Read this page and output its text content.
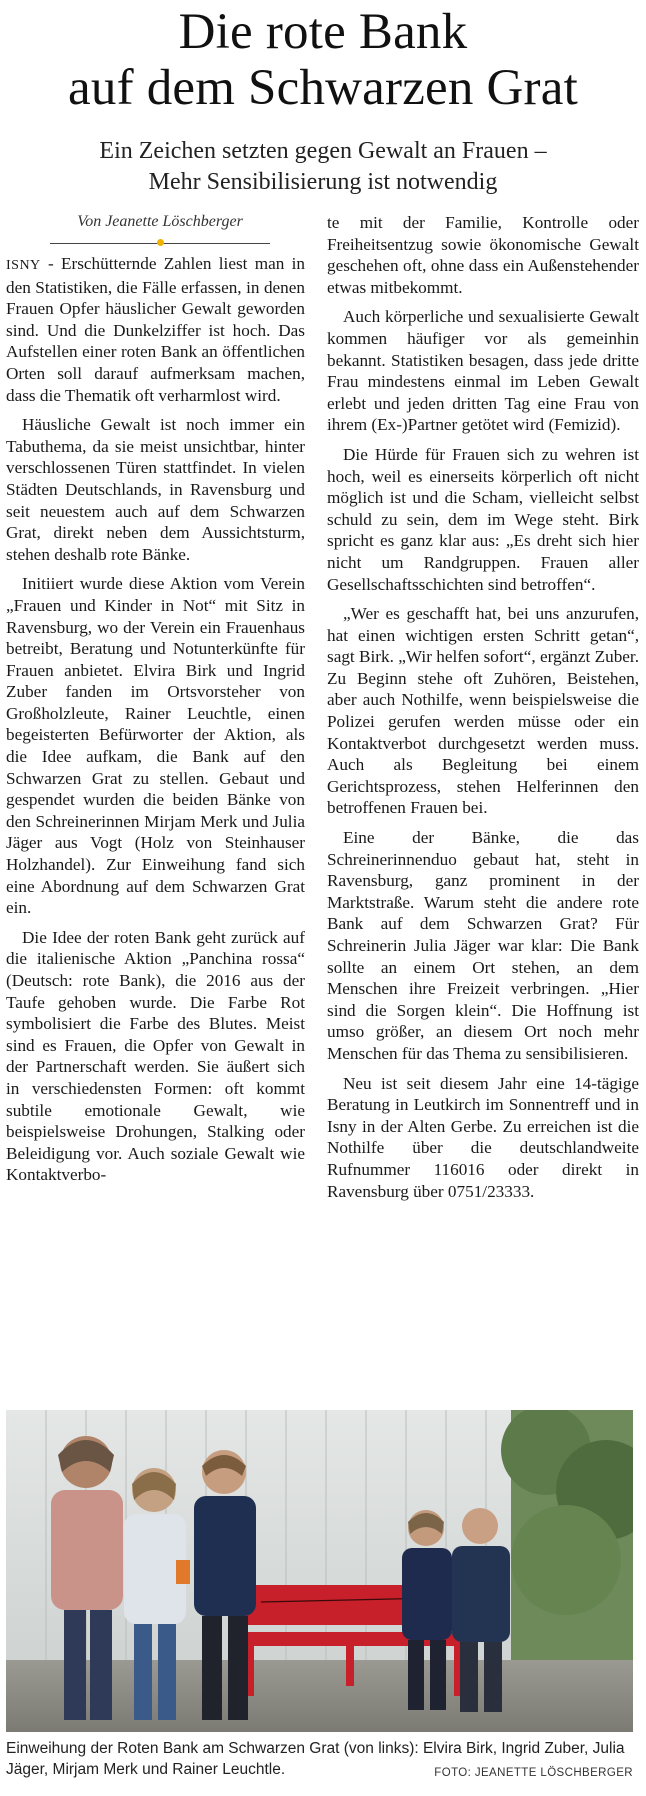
Die rote Bank
auf dem Schwarzen Grat
Ein Zeichen setzten gegen Gewalt an Frauen –
Mehr Sensibilisierung ist notwendig
Von Jeanette Löschberger

ISNY - Erschütternde Zahlen liest man in den Statistiken, die Fälle erfassen, in denen Frauen Opfer häuslicher Gewalt geworden sind. Und die Dunkelziffer ist hoch. Das Aufstellen einer roten Bank an öffentlichen Orten soll darauf aufmerksam machen, dass die Thematik oft verharmlost wird.

Häusliche Gewalt ist noch immer ein Tabuthema, da sie meist unsichtbar, hinter verschlossenen Türen stattfindet. In vielen Städten Deutschlands, in Ravensburg und seit neuestem auch auf dem Schwarzen Grat, direkt neben dem Aussichtsturm, stehen deshalb rote Bänke.

Initiiert wurde diese Aktion vom Verein „Frauen und Kinder in Not“ mit Sitz in Ravensburg, wo der Verein ein Frauenhaus betreibt, Beratung und Notunterkünfte für Frauen anbietet. Elvira Birk und Ingrid Zuber fanden im Ortsvorsteher von Großholzleute, Rainer Leuchtle, einen begeisterten Befürworter der Aktion, als die Idee aufkam, die Bank auf den Schwarzen Grat zu stellen. Gebaut und gespendet wurden die beiden Bänke von den Schreinerinnen Mirjam Merk und Julia Jäger aus Vogt (Holz von Steinhauser Holzhandel). Zur Einweihung fand sich eine Abordnung auf dem Schwarzen Grat ein.

Die Idee der roten Bank geht zurück auf die italienische Aktion „Panchina rossa“ (Deutsch: rote Bank), die 2016 aus der Taufe gehoben wurde. Die Farbe Rot symbolisiert die Farbe des Blutes. Meist sind es Frauen, die Opfer von Gewalt in der Partnerschaft werden. Sie äußert sich in verschiedensten Formen: oft kommt subtile emotionale Gewalt, wie beispielsweise Drohungen, Stalking oder Beleidigung vor. Auch soziale Gewalt wie Kontaktverbo-

te mit der Familie, Kontrolle oder Freiheitsentzug sowie ökonomische Gewalt geschehen oft, ohne dass ein Außenstehender etwas mitbekommt.

Auch körperliche und sexualisierte Gewalt kommen häufiger vor als gemeinhin bekannt. Statistiken besagen, dass jede dritte Frau mindestens einmal im Leben Gewalt erlebt und jeden dritten Tag eine Frau von ihrem (Ex-)Partner getötet wird (Femizid).

Die Hürde für Frauen sich zu wehren ist hoch, weil es einerseits körperlich oft nicht möglich ist und die Scham, vielleicht selbst schuld zu sein, dem im Wege steht. Birk spricht es ganz klar aus: „Es dreht sich hier nicht um Randgruppen. Frauen aller Gesellschaftsschichten sind betroffen“.

„Wer es geschafft hat, bei uns anzurufen, hat einen wichtigen ersten Schritt getan“, sagt Birk. „Wir helfen sofort“, ergänzt Zuber. Zu Beginn stehe oft Zuhören, Beistehen, aber auch Nothilfe, wenn beispielsweise die Polizei gerufen werden müsse oder ein Kontaktverbot durchgesetzt werden muss. Auch als Begleitung bei einem Gerichtsprozess, stehen Helferinnen den betroffenen Frauen bei.

Eine der Bänke, die das Schreinerinnenduo gebaut hat, steht in Ravensburg, ganz prominent in der Marktstraße. Warum steht die andere rote Bank auf dem Schwarzen Grat? Für Schreinerin Julia Jäger war klar: Die Bank sollte an einem Ort stehen, an dem Menschen ihre Freizeit verbringen. „Hier sind die Sorgen klein“. Die Hoffnung ist umso größer, an diesem Ort noch mehr Menschen für das Thema zu sensibilisieren.

Neu ist seit diesem Jahr eine 14-tägige Beratung in Leutkirch im Sonnentreff und in Isny in der Alten Gerbe. Zu erreichen ist die Nothilfe über die deutschlandweite Rufnummer 116016 oder direkt in Ravensburg über 0751/23333.

Einweihung der Roten Bank am Schwarzen Grat (von links): Elvira Birk, Ingrid Zuber, Julia Jäger, Mirjam Merk und Rainer Leuchtle.	FOTO: JEANETTE LÖSCHBERGER
